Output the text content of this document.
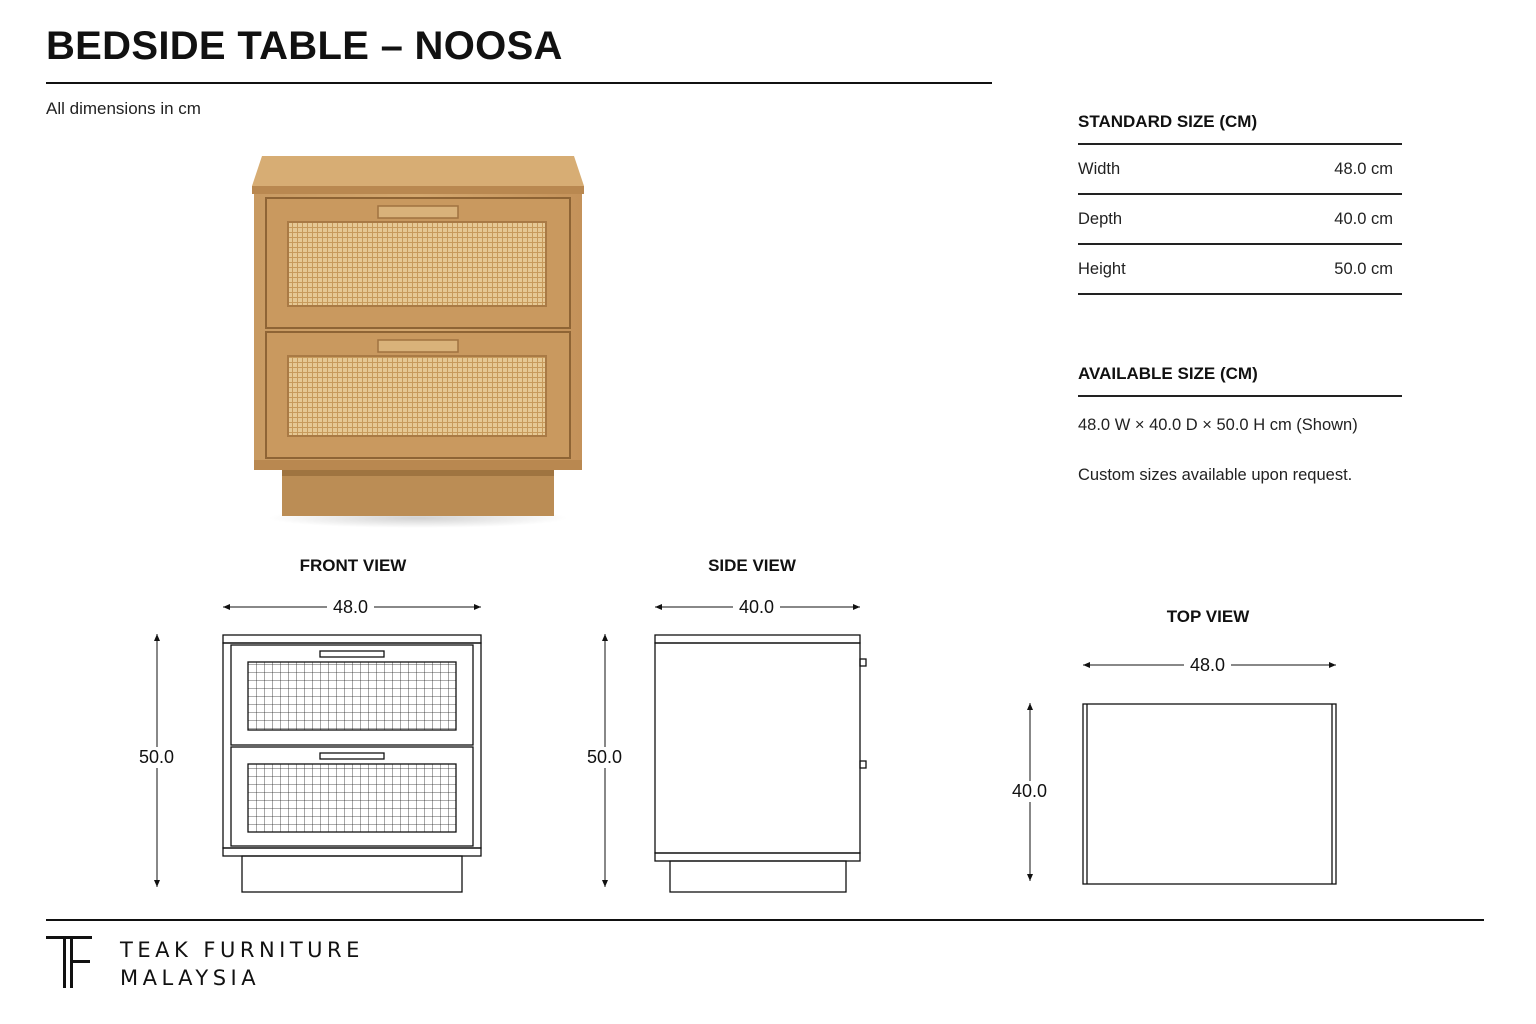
BEDSIDE TABLE – NOOSA
All dimensions in cm
STANDARD SIZE (CM)
Width	48.0 cm
Depth	40.0 cm
Height	50.0 cm
AVAILABLE SIZE (CM)
48.0 W × 40.0 D × 50.0 H cm (Shown)
Custom sizes available upon request.
FRONT VIEW	SIDE VIEW
TOP VIEW
48.0
50.0
40.0
50.0
48.0
40.0
TEAK FURNITURE
MALAYSIA
